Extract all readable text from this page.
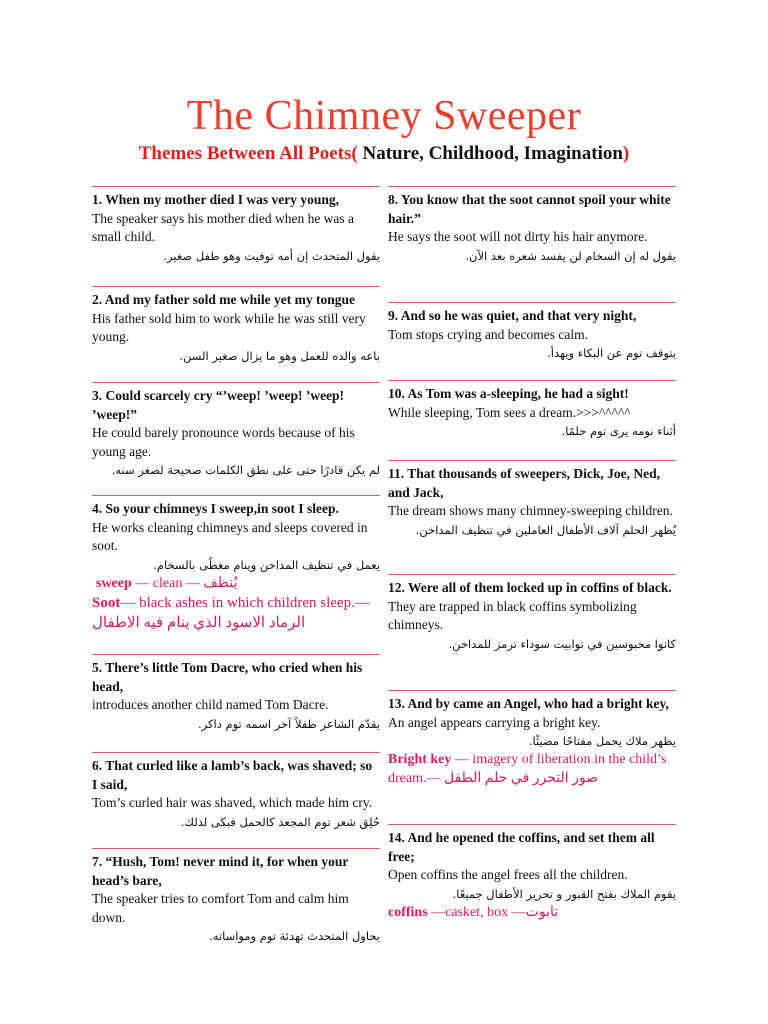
The Chimney Sweeper
Themes Between All Poets( Nature, Childhood, Imagination)
1. When my mother died I was very young,
The speaker says his mother died when he was a small child.
يقول المتحدث إن أمه توفيت وهو طفل صغير.
2. And my father sold me while yet my tongue
His father sold him to work while he was still very young.
باعه والده للعمل وهو ما يزال صغير السن.
3. Could scarcely cry “’weep! ’weep! ’weep! ’weep!”
He could barely pronounce words because of his young age.
لم يكن قادرًا حتى على نطق الكلمات صحيحة لصغر سنه.
4. So your chimneys I sweep,in soot I sleep.
He works cleaning chimneys and sleeps covered in soot.
يعمل في تنظيف المداخن وينام مغطًى بالسخام.
sweep — clean — يُنظف
Soot— black ashes in which children sleep.— الرماد الاسود الذي ينام فيه الاطفال
5. There’s little Tom Dacre, who cried when his head,
introduces another child named Tom Dacre.
يقدّم الشاعر طفلاً آخر اسمه توم داكر.
6. That curled like a lamb’s back, was shaved; so I said,
Tom’s curled hair was shaved, which made him cry.
حُلِق شعر توم المجعد كالحمل فبكى لذلك.
7. “Hush, Tom! never mind it, for when your head’s bare,
The speaker tries to comfort Tom and calm him down.
يحاول المتحدث تهدئة توم ومواساته.
8. You know that the soot cannot spoil your white hair.”
He says the soot will not dirty his hair anymore.
يقول له إن السخام لن يفسد شعره بعد الآن.
9. And so he was quiet, and that very night,
Tom stops crying and becomes calm.
يتوقف توم عن البكاء ويهدأ.
10. As Tom was a-sleeping, he had a sight!
While sleeping, Tom sees a dream.>>>^^^^^
أثناء نومه يرى توم حلمًا.
11. That thousands of sweepers, Dick, Joe, Ned, and Jack,
The dream shows many chimney-sweeping children.
يُظهر الحلم آلاف الأطفال العاملين في تنظيف المداخن.
12. Were all of them locked up in coffins of black.
They are trapped in black coffins symbolizing chimneys.
كانوا محبوسين في توابيت سوداء ترمز للمداخن.
13. And by came an Angel, who had a bright key,
An angel appears carrying a bright key.
يظهر ملاك يحمل مفتاحًا مضيئًا.
Bright key — imagery of liberation in the child’s dream.— صور التحرر في حلم الطفل
14. And he opened the coffins, and set them all free;
Open coffins the angel frees all the children.
يقوم الملاك بفتح القبور و تحرير الأطفال جميعًا.
coffins —casket, box —تابوت
